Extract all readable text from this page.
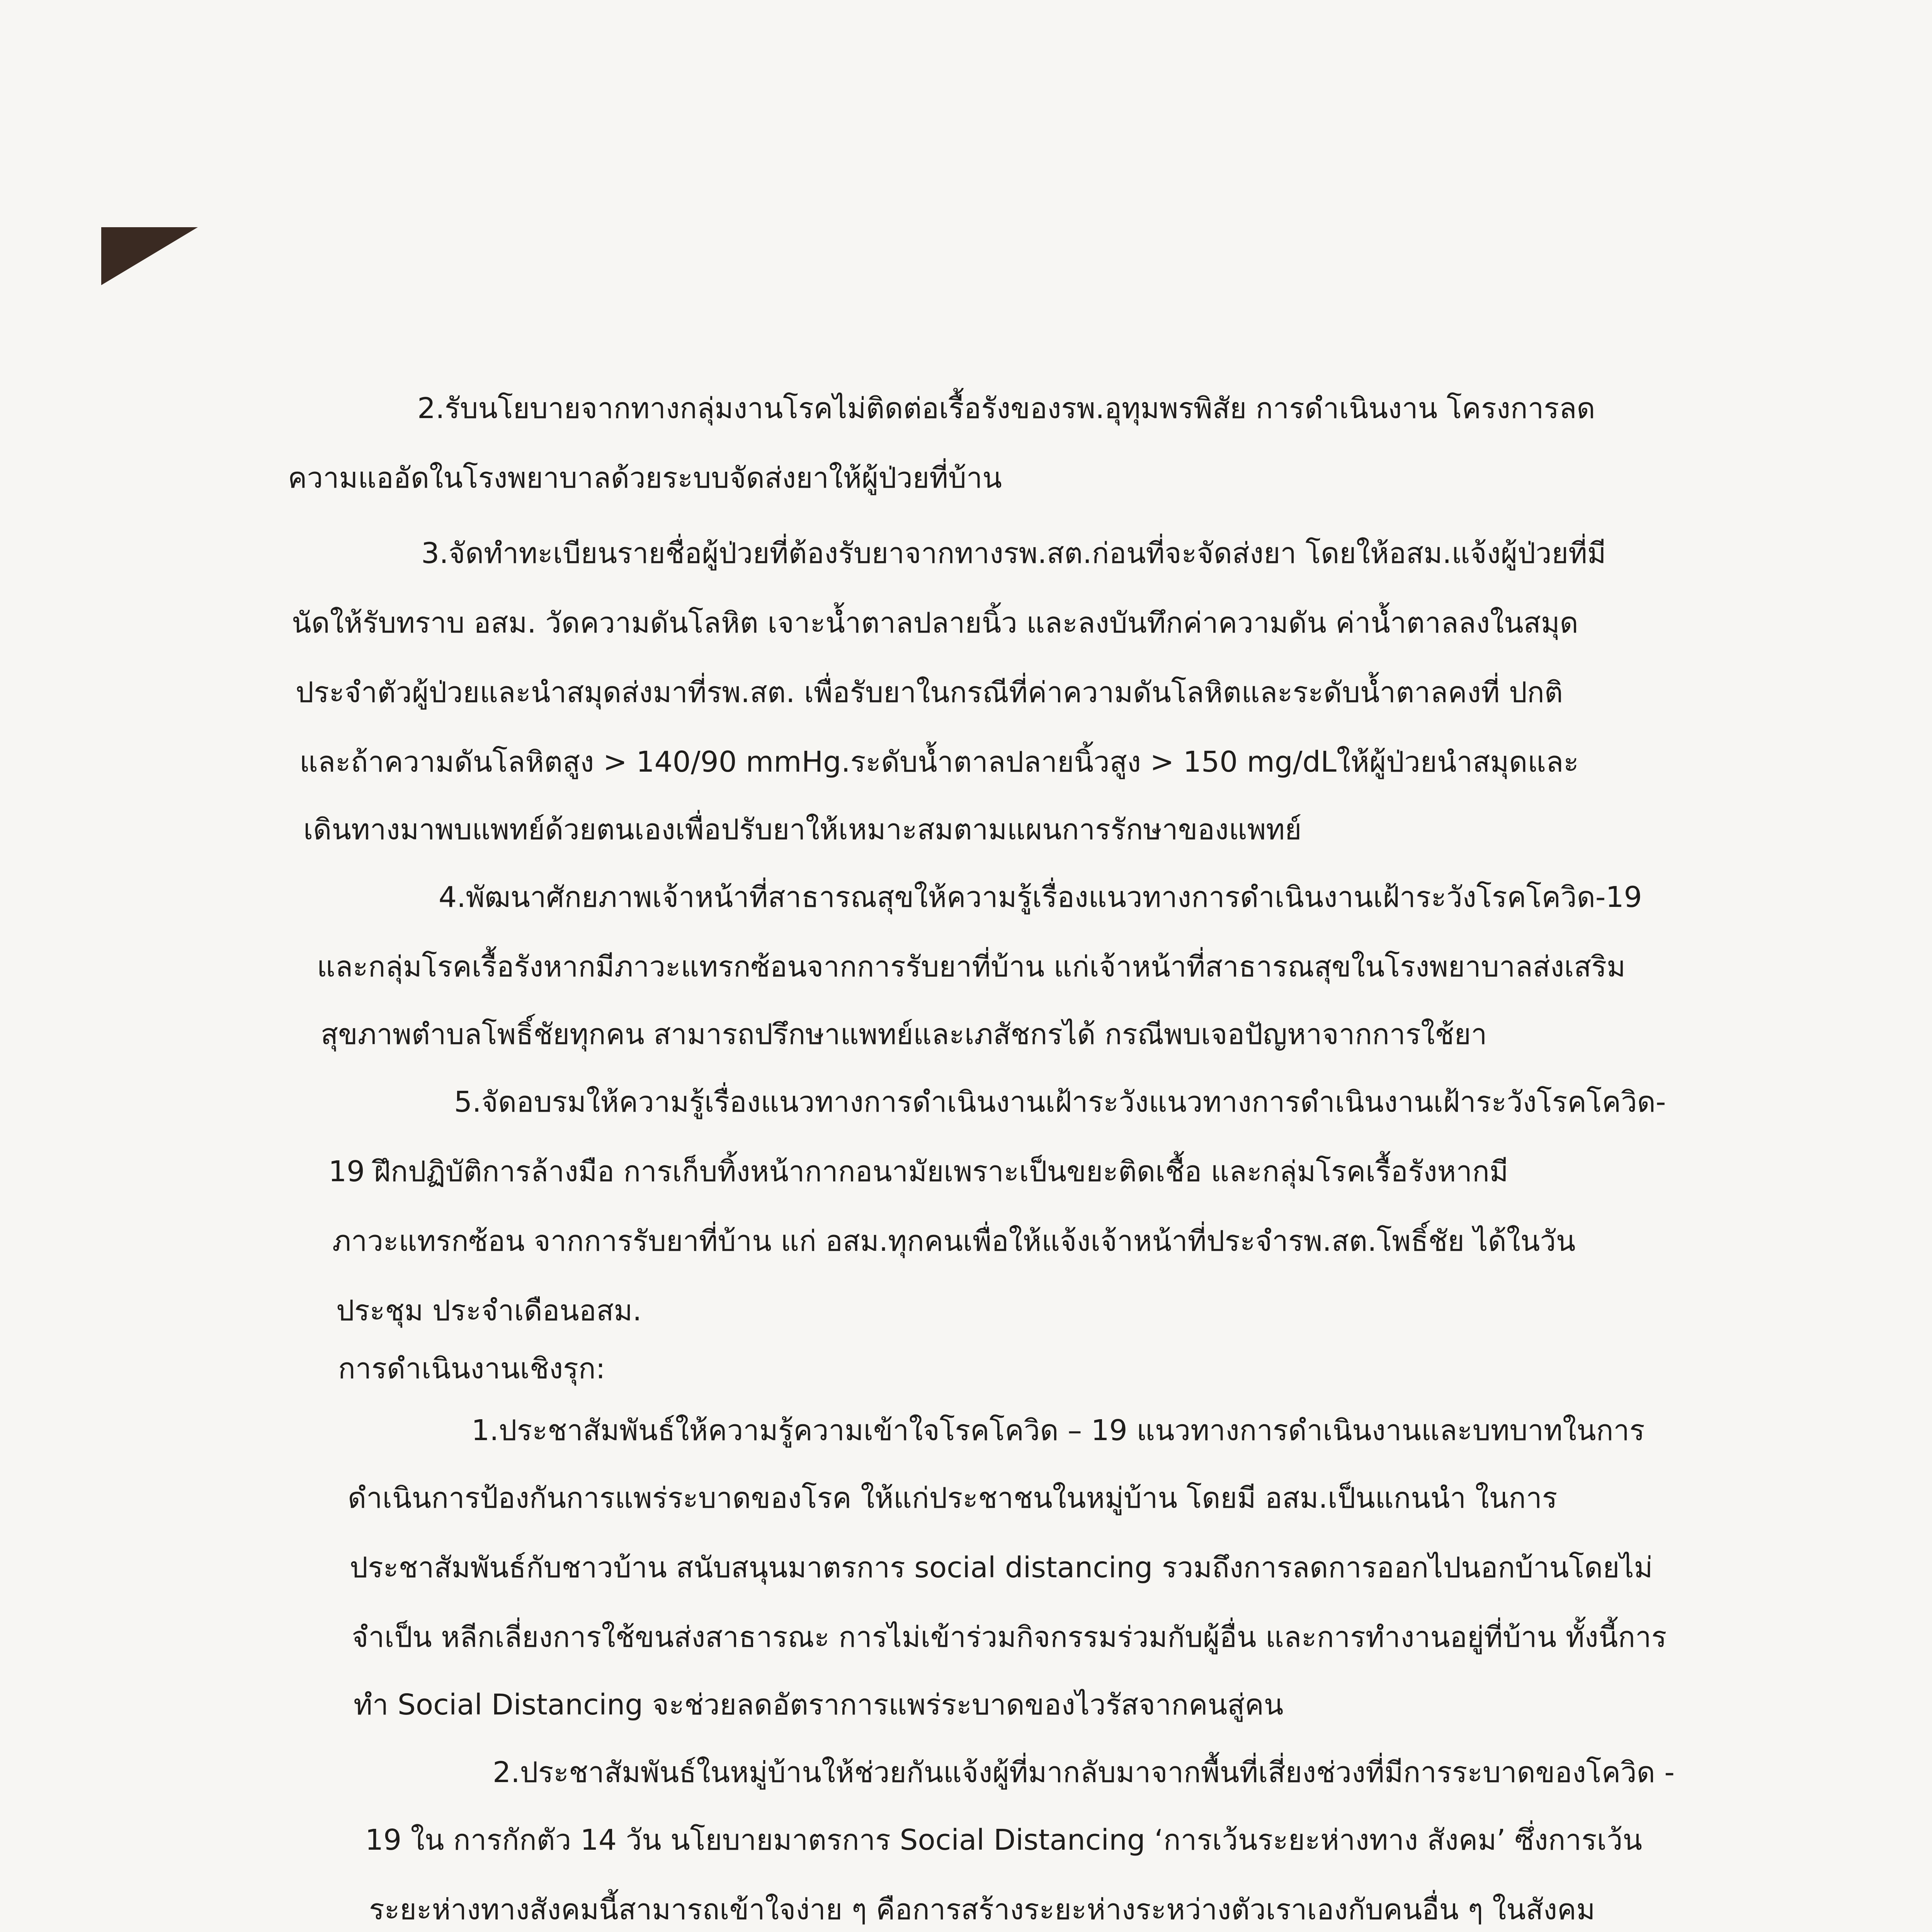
2.รับนโยบายจากทางกลุ่มงานโรคไม่ติดต่อเรื้อรังของรพ.อุทุมพรพิสัย การดำเนินงาน โครงการลด
ความแออัดในโรงพยาบาลด้วยระบบจัดส่งยาให้ผู้ป่วยที่บ้าน
3.จัดทำทะเบียนรายชื่อผู้ป่วยที่ต้องรับยาจากทางรพ.สต.ก่อนที่จะจัดส่งยา โดยให้อสม.แจ้งผู้ป่วยที่มี
นัดให้รับทราบ อสม. วัดความดันโลหิต เจาะน้ำตาลปลายนิ้ว และลงบันทึกค่าความดัน ค่าน้ำตาลลงในสมุด
ประจำตัวผู้ป่วยและนำสมุดส่งมาที่รพ.สต. เพื่อรับยาในกรณีที่ค่าความดันโลหิตและระดับน้ำตาลคงที่ ปกติ
และถ้าความดันโลหิตสูง > 140/90 mmHg.ระดับน้ำตาลปลายนิ้วสูง > 150 mg/dLให้ผู้ป่วยนำสมุดและ
เดินทางมาพบแพทย์ด้วยตนเองเพื่อปรับยาให้เหมาะสมตามแผนการรักษาของแพทย์
4.พัฒนาศักยภาพเจ้าหน้าที่สาธารณสุขให้ความรู้เรื่องแนวทางการดำเนินงานเฝ้าระวังโรคโควิด-19
และกลุ่มโรคเรื้อรังหากมีภาวะแทรกซ้อนจากการรับยาที่บ้าน แก่เจ้าหน้าที่สาธารณสุขในโรงพยาบาลส่งเสริม
สุขภาพตำบลโพธิ์ชัยทุกคน สามารถปรึกษาแพทย์และเภสัชกรได้ กรณีพบเจอปัญหาจากการใช้ยา
5.จัดอบรมให้ความรู้เรื่องแนวทางการดำเนินงานเฝ้าระวังแนวทางการดำเนินงานเฝ้าระวังโรคโควิด-
19 ฝึกปฏิบัติการล้างมือ การเก็บทิ้งหน้ากากอนามัยเพราะเป็นขยะติดเชื้อ และกลุ่มโรคเรื้อรังหากมี
ภาวะแทรกซ้อน จากการรับยาที่บ้าน แก่ อสม.ทุกคนเพื่อให้แจ้งเจ้าหน้าที่ประจำรพ.สต.โพธิ์ชัย ได้ในวัน
ประชุม ประจำเดือนอสม.
การดำเนินงานเชิงรุก:
1.ประชาสัมพันธ์ให้ความรู้ความเข้าใจโรคโควิด – 19 แนวทางการดำเนินงานและบทบาทในการ
ดำเนินการป้องกันการแพร่ระบาดของโรค ให้แก่ประชาชนในหมู่บ้าน โดยมี อสม.เป็นแกนนำ ในการ
ประชาสัมพันธ์กับชาวบ้าน สนับสนุนมาตรการ social distancing รวมถึงการลดการออกไปนอกบ้านโดยไม่
จำเป็น หลีกเลี่ยงการใช้ขนส่งสาธารณะ การไม่เข้าร่วมกิจกรรมร่วมกับผู้อื่น และการทำงานอยู่ที่บ้าน ทั้งนี้การ
ทำ Social Distancing จะช่วยลดอัตราการแพร่ระบาดของไวรัสจากคนสู่คน
2.ประชาสัมพันธ์ในหมู่บ้านให้ช่วยกันแจ้งผู้ที่มากลับมาจากพื้นที่เสี่ยงช่วงที่มีการระบาดของโควิด -
19 ใน การกักตัว 14 วัน นโยบายมาตรการ Social Distancing ‘การเว้นระยะห่างทาง สังคม’ ซึ่งการเว้น
ระยะห่างทางสังคมนี้สามารถเข้าใจง่าย ๆ คือการสร้างระยะห่างระหว่างตัวเราเองกับคนอื่น ๆ ในสังคม
